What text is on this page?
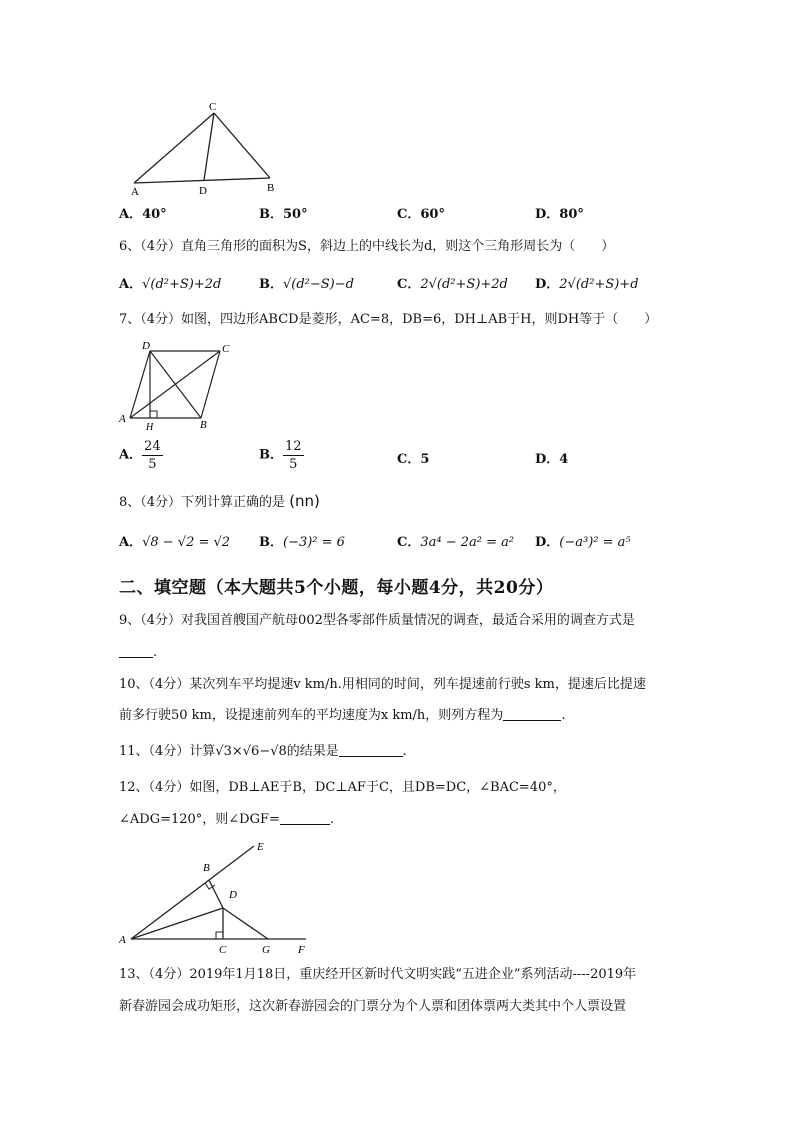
C
A	D	B
A．40°	B．50°	C．60°	D．80°
6、（4分）直角三角形的面积为S，斜边上的中线长为d，则这个三角形周长为（　　）
A．√(d²+S)+2d	B．√(d²−S)−d	C．2√(d²+S)+2d D．2√(d²+S)+d
7、（4分）如图，四边形ABCD是菱形，AC=8，DB=6，DH⊥AB于H，则DH等于（　　）
D	C
A
H	B
A． $\frac{24}{5}$	B． $\frac{12}{5}$	C．5	D．4
8、（4分）下列计算正确的是 (nn)
A．√8 − √2 = √2 B．(−3)² = 6	C．3a⁴ − 2a² = a² D．(−a³)² = a⁵
二、填空题（本大题共5个小题，每小题4分，共20分）
9、（4分）对我国首艘国产航母002型各零部件质量情况的调查，最适合采用的调查方式是
.
10、（4分）某次列车平均提速v km/h.用相同的时间，列车提速前行驶s km，提速后比提速
前多行驶50 km，设提速前列车的平均速度为x km/h，则列方程为	.
11、（4分）计算√3×√6−√8的结果是	.
12、（4分）如图，DB⊥AE于B，DC⊥AF于C，且DB=DC，∠BAC=40°，
∠ADG=120°，则∠DGF=	.
E
B
D
A
C	G	F
13、（4分）2019年1月18日，重庆经开区新时代文明实践“五进企业”系列活动----2019年
新春游园会成功矩形，这次新春游园会的门票分为个人票和团体票两大类其中个人票设置
